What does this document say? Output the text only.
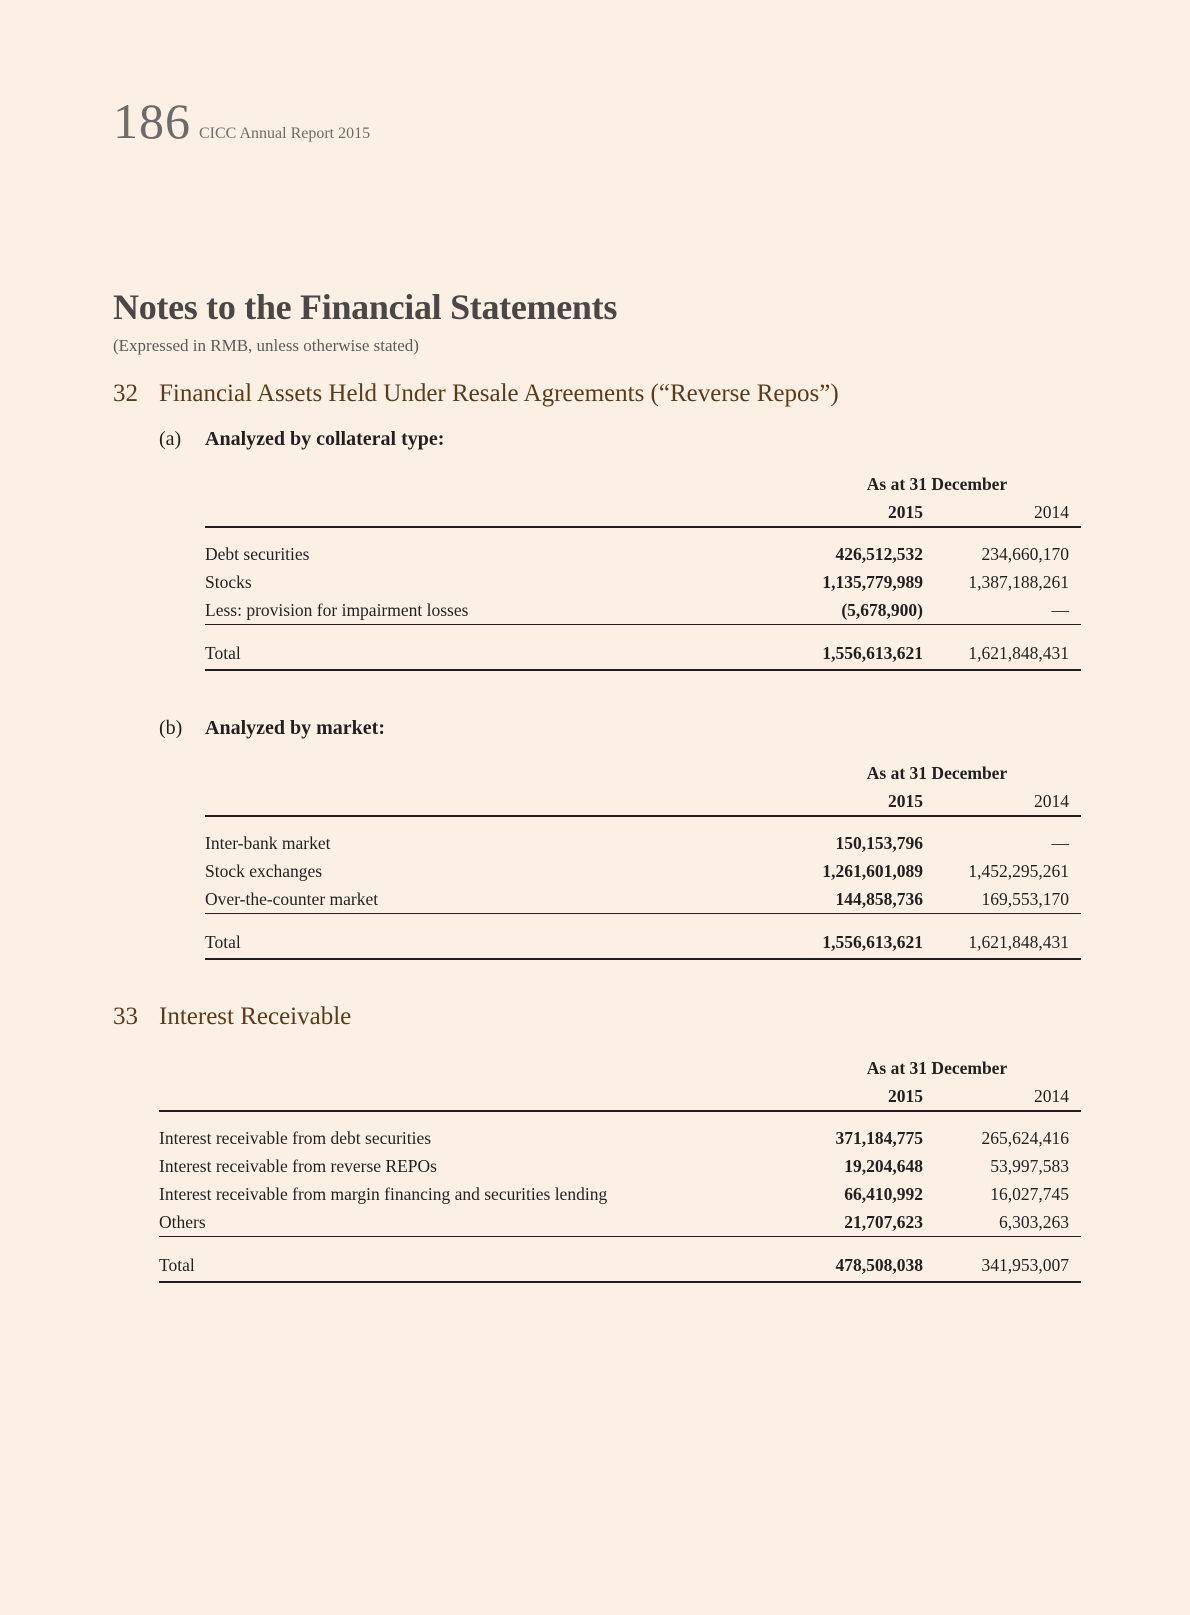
186 CICC Annual Report 2015
Notes to the Financial Statements
(Expressed in RMB, unless otherwise stated)
32 Financial Assets Held Under Resale Agreements (“Reverse Repos”)
(a)	Analyzed by collateral type:
	As at 31 December	
	2015	2014

Debt securities	426,512,532	234,660,170
Stocks	1,135,779,989	1,387,188,261
Less: provision for impairment losses	(5,678,900)	—

Total	1,556,613,621	1,621,848,431
(b)	Analyzed by market:
	As at 31 December	
	2015	2014

Inter-bank market	150,153,796	—
Stock exchanges	1,261,601,089	1,452,295,261
Over-the-counter market	144,858,736	169,553,170

Total	1,556,613,621	1,621,848,431
33 Interest Receivable
	As at 31 December	
	2015	2014

Interest receivable from debt securities	371,184,775	265,624,416
Interest receivable from reverse REPOs	19,204,648	53,997,583
Interest receivable from margin financing and securities lending	66,410,992	16,027,745
Others	21,707,623	6,303,263

Total	478,508,038	341,953,007
